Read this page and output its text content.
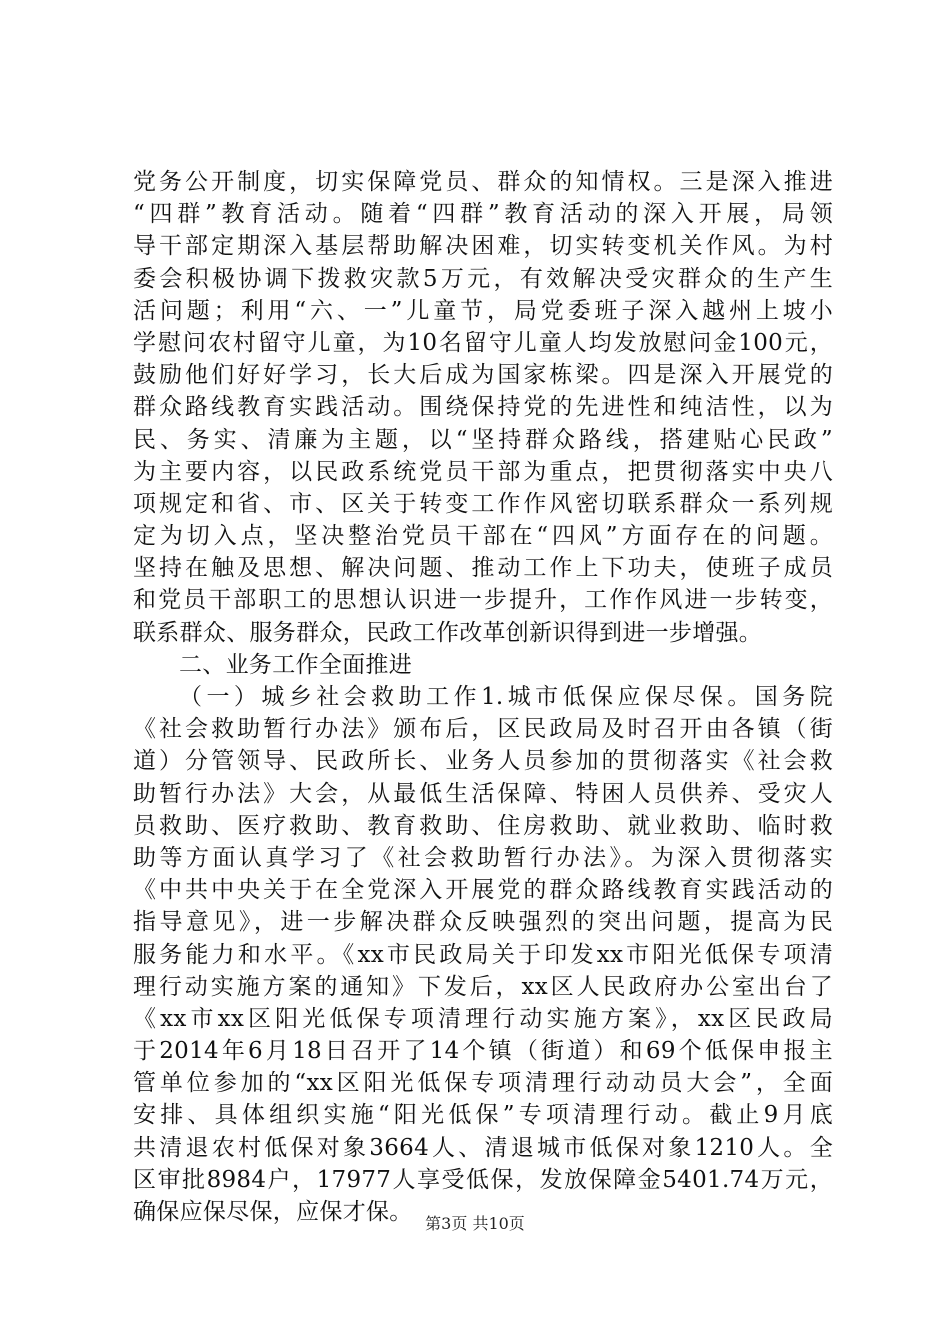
党务公开制度，切实保障党员、群众的知情权。三是深入推进
“四群”教育活动。随着“四群”教育活动的深入开展，局领
导干部定期深入基层帮助解决困难，切实转变机关作风。为村
委会积极协调下拨救灾款5万元，有效解决受灾群众的生产生
活问题；利用“六、一”儿童节，局党委班子深入越州上坡小
学慰问农村留守儿童，为10名留守儿童人均发放慰问金100元，
鼓励他们好好学习，长大后成为国家栋梁。四是深入开展党的
群众路线教育实践活动。围绕保持党的先进性和纯洁性，以为
民、务实、清廉为主题，以“坚持群众路线，搭建贴心民政”
为主要内容，以民政系统党员干部为重点，把贯彻落实中央八
项规定和省、市、区关于转变工作作风密切联系群众一系列规
定为切入点，坚决整治党员干部在“四风”方面存在的问题。
坚持在触及思想、解决问题、推动工作上下功夫，使班子成员
和党员干部职工的思想认识进一步提升，工作作风进一步转变，
联系群众、服务群众，民政工作改革创新识得到进一步增强。
二、业务工作全面推进
（一）城乡社会救助工作1.城市低保应保尽保。国务院
《社会救助暂行办法》颁布后，区民政局及时召开由各镇（街
道）分管领导、民政所长、业务人员参加的贯彻落实《社会救
助暂行办法》大会，从最低生活保障、特困人员供养、受灾人
员救助、医疗救助、教育救助、住房救助、就业救助、临时救
助等方面认真学习了《社会救助暂行办法》。为深入贯彻落实
《中共中央关于在全党深入开展党的群众路线教育实践活动的
指导意见》，进一步解决群众反映强烈的突出问题，提高为民
服务能力和水平。《xx市民政局关于印发xx市阳光低保专项清
理行动实施方案的通知》下发后，xx区人民政府办公室出台了
《xx市xx区阳光低保专项清理行动实施方案》，xx区民政局
于2014年6月18日召开了14个镇（街道）和69个低保申报主
管单位参加的“xx区阳光低保专项清理行动动员大会”，全面
安排、具体组织实施“阳光低保”专项清理行动。截止9月底
共清退农村低保对象3664人、清退城市低保对象1210人。全
区审批8984户，17977人享受低保，发放保障金5401.74万元，
确保应保尽保，应保才保。 第3页 共10页
